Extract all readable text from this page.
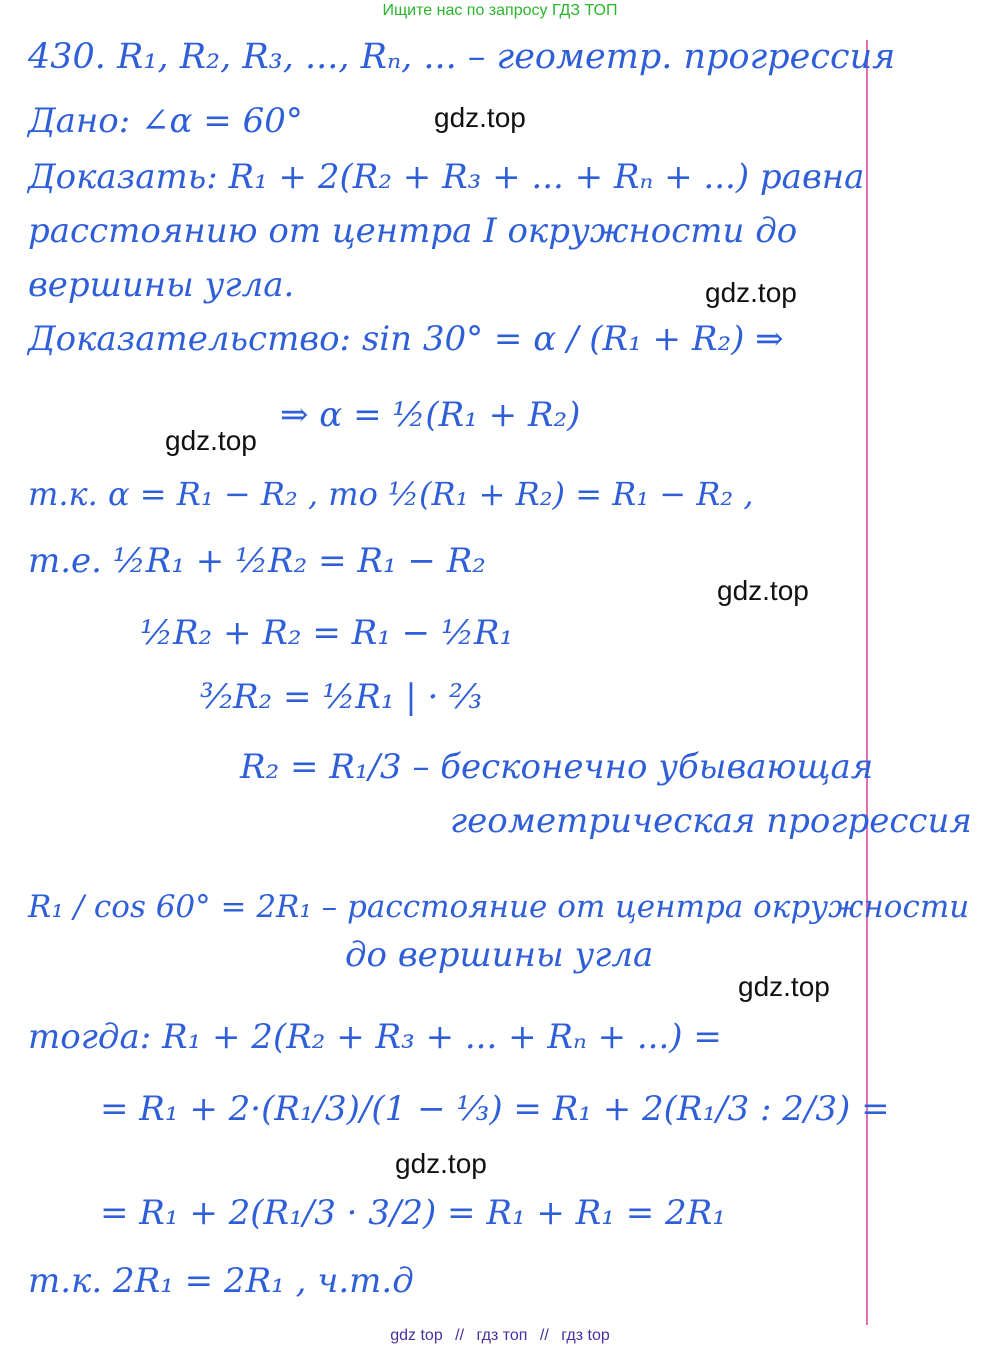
Ищите нас по запросу ГДЗ ТОП
430. R₁, R₂, R₃, ..., Rₙ, ... – геометр. прогрессия
Дано: ∠α = 60°
Доказать: R₁ + 2(R₂ + R₃ + ... + Rₙ + ...) равна
расстоянию от центра I окружности до
вершины угла.
Доказательство: sin 30° = α / (R₁ + R₂) ⇒
⇒ α = ½(R₁ + R₂)
т.к. α = R₁ − R₂ , то ½(R₁ + R₂) = R₁ − R₂ ,
т.е. ½R₁ + ½R₂ = R₁ − R₂
½R₂ + R₂ = R₁ − ½R₁
³⁄₂R₂ = ½R₁ | · ⅔
R₂ = R₁/3 – бесконечно убывающая
геометрическая прогрессия
R₁ / cos 60° = 2R₁ – расстояние от центра окружности
до вершины угла
тогда: R₁ + 2(R₂ + R₃ + ... + Rₙ + ...) =
= R₁ + 2·(R₁/3)/(1 − ⅓) = R₁ + 2(R₁/3 : 2/3) =
= R₁ + 2(R₁/3 · 3/2) = R₁ + R₁ = 2R₁
т.к. 2R₁ = 2R₁ , ч.т.д
gdz.top
gdz.top
gdz.top
gdz.top
gdz.top
gdz.top
gdz top // гдз топ // гдз top
